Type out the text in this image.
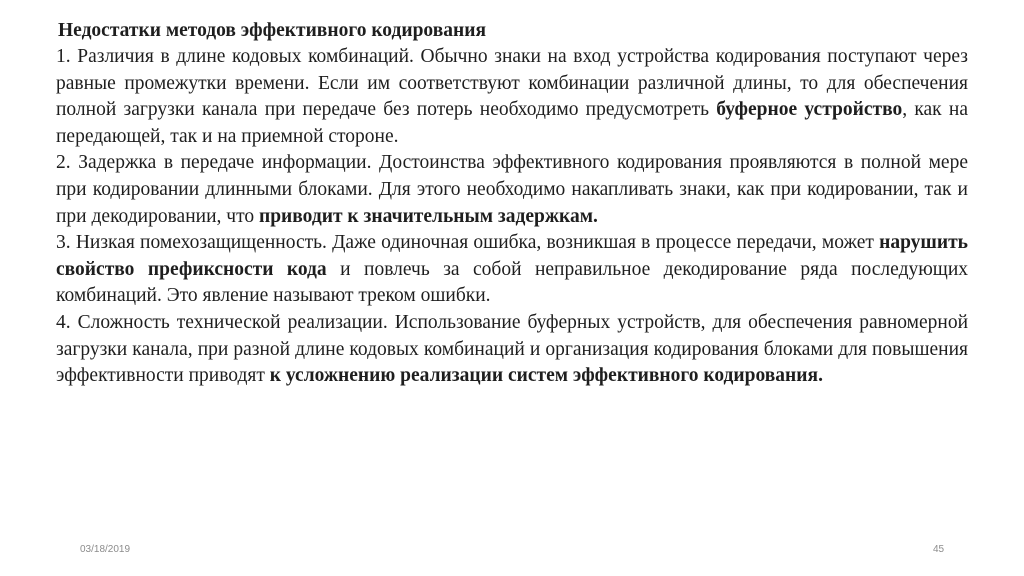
Недостатки методов эффективного кодирования

1. Различия в длине кодовых комбинаций. Обычно знаки на вход устройства кодирования поступают через равные промежутки времени. Если им соответствуют комбинации различной длины, то для обеспечения полной загрузки канала при передаче без потерь необходимо предусмотреть буферное устройство, как на передающей, так и на приемной стороне.

2. Задержка в передаче информации. Достоинства эффективного кодирования проявляются в полной мере при кодировании длинными блоками. Для этого необходимо накапливать знаки, как при кодировании, так и при декодировании, что приводит к значительным задержкам.

3. Низкая помехозащищенность. Даже одиночная ошибка, возникшая в процессе передачи, может нарушить свойство префиксности кода и повлечь за собой неправильное декодирование ряда последующих комбинаций. Это явление называют треком ошибки.

4. Сложность технической реализации. Использование буферных устройств, для обеспечения равномерной загрузки канала, при разной длине кодовых комбинаций и организация кодирования блоками для повышения эффективности приводят к усложнению реализации систем эффективного кодирования.

03/18/2019	45
